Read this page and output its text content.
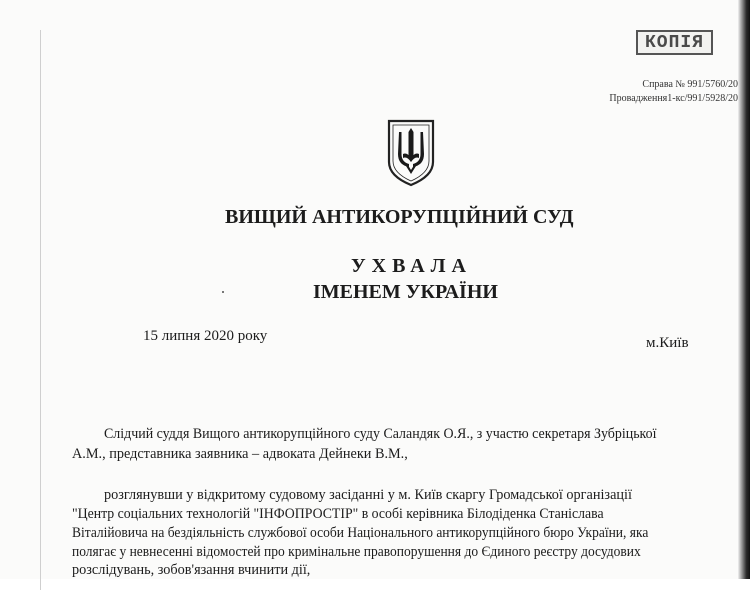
КОПІЯ
Справа № 991/5760/20
Провадження1-кс/991/5928/20
ВИЩИЙ АНТИКОРУПЦІЙНИЙ СУД
УХВАЛА
ІМЕНЕМ УКРАЇНИ
15 липня 2020 року	м.Київ
Слідчий суддя Вищого антикорупційного суду Саландяк О.Я., з участю секретаря Зубріцької
А.М., представника заявника – адвоката Дейнеки В.М.,
розглянувши у відкритому судовому засіданні у м. Київ скаргу Громадської організації
"Центр соціальних технологій "ІНФОПРОСТІР" в особі керівника Білодіденка Станіслава
Віталійовича на бездіяльність службової особи Національного антикорупційного бюро України, яка
полягає у невнесенні відомостей про кримінальне правопорушення до Єдиного реєстру досудових
розслідувань, зобов'язання вчинити дії,
